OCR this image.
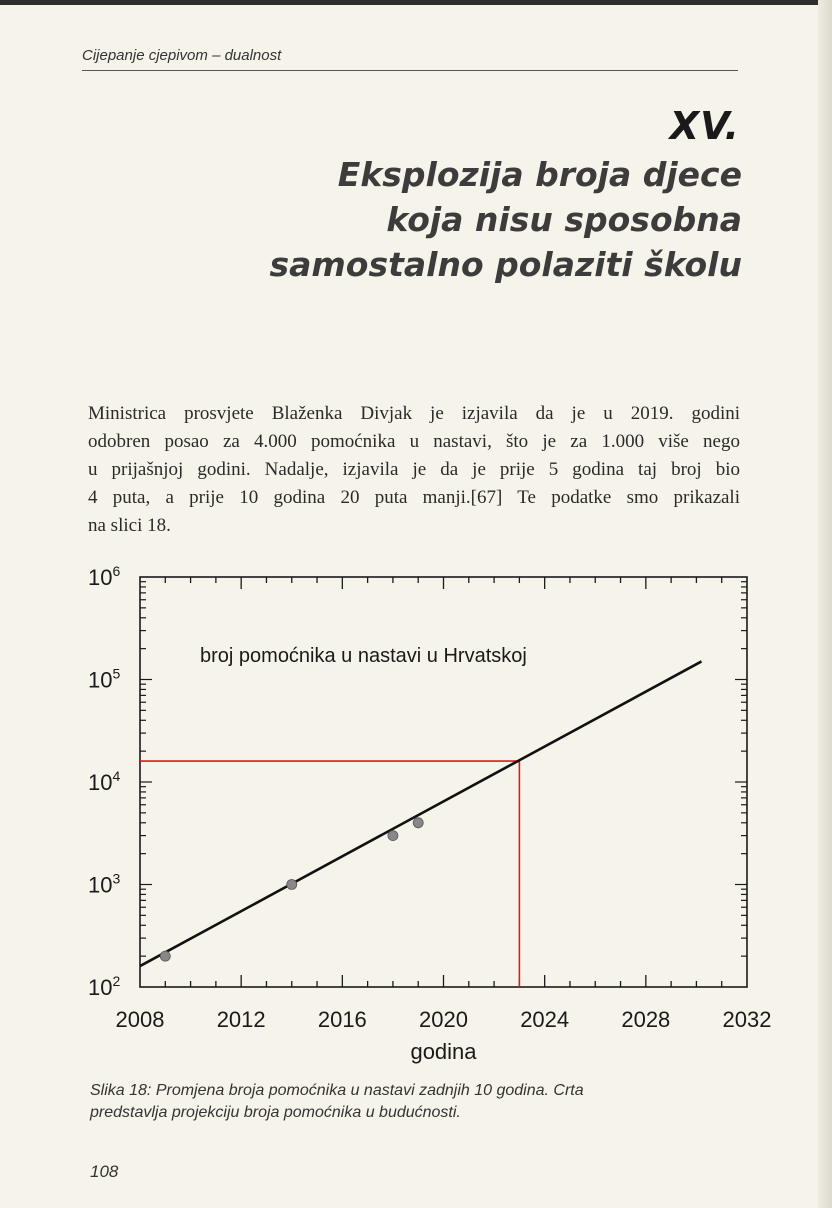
Cijepanje cjepivom – dualnost
XV.
Eksplozija broja djece
koja nisu sposobna
samostalno polaziti školu
Ministrica prosvjete Blaženka Divjak je izjavila da je u 2019. godini
odobren posao za 4.000 pomoćnika u nastavi, što je za 1.000 više nego
u prijašnjoj godini. Nadalje, izjavila je da je prije 5 godina taj broj bio
4 puta, a prije 10 godina 20 puta manji.[67] Te podatke smo prikazali
na slici 18.
2008 2012 2016 2020 2024 2028 2032
$10^2$
$10^3$
$10^4$
$10^5$
$10^6$
godina
broj pomoćnika u nastavi u Hrvatskoj
Slika 18: Promjena broja pomoćnika u nastavi zadnjih 10 godina. Crta
predstavlja projekciju broja pomoćnika u budućnosti.
108
